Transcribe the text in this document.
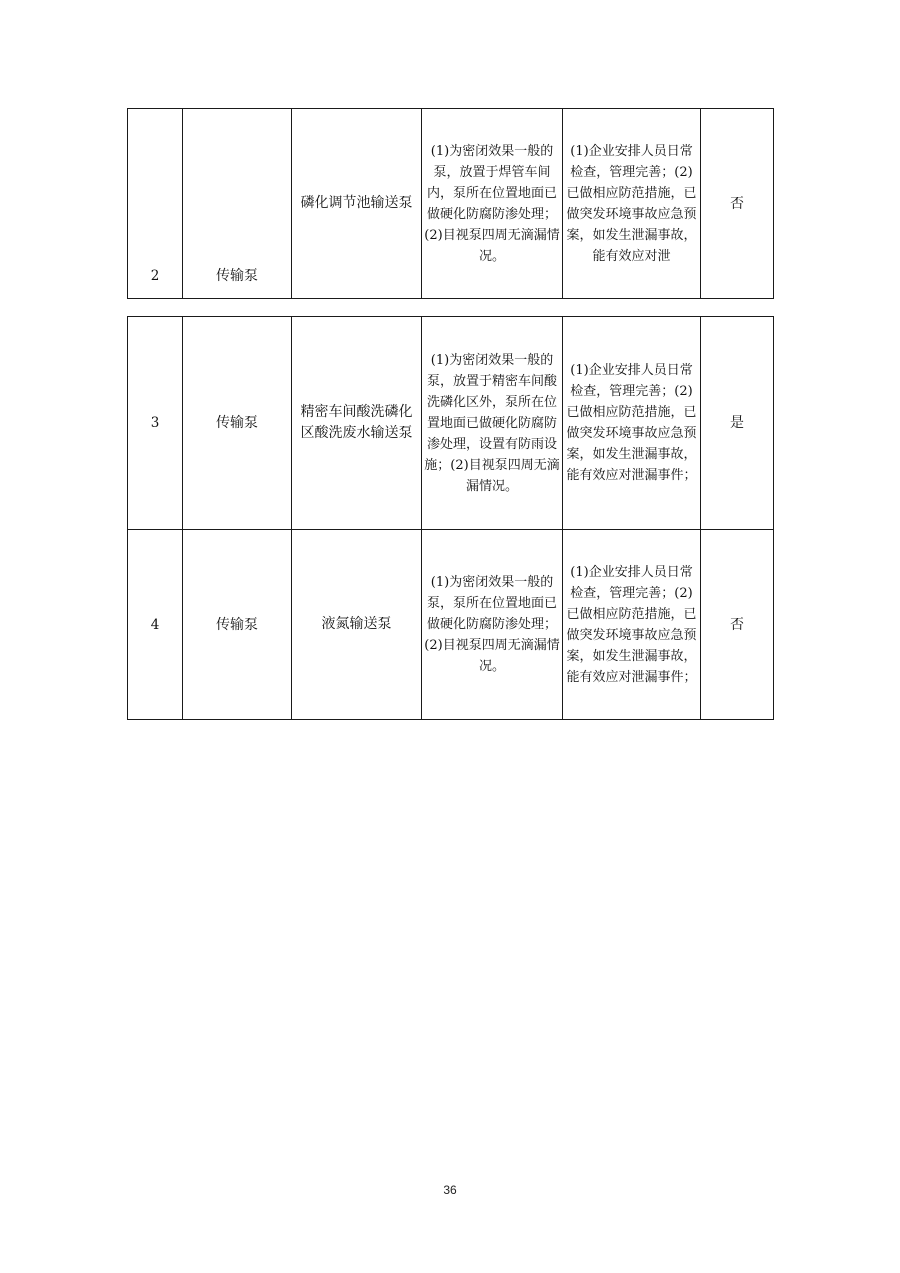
2	传输泵	磷化调节池输送泵	(1)为密闭效果一般的泵，放置于焊管车间内，泵所在位置地面已做硬化防腐防渗处理；(2)目视泵四周无滴漏情况。	(1)企业安排人员日常检查，管理完善；(2)已做相应防范措施，已做突发环境事故应急预案，如发生泄漏事故，能有效应对泄	否
3	传输泵	精密车间酸洗磷化区酸洗废水输送泵	(1)为密闭效果一般的泵，放置于精密车间酸洗磷化区外，泵所在位置地面已做硬化防腐防渗处理，设置有防雨设施；(2)目视泵四周无滴漏情况。	(1)企业安排人员日常检查，管理完善；(2)已做相应防范措施，已做突发环境事故应急预案，如发生泄漏事故，能有效应对泄漏事件；	是
4	传输泵	液氮输送泵	(1)为密闭效果一般的泵，泵所在位置地面已做硬化防腐防渗处理；(2)目视泵四周无滴漏情况。	(1)企业安排人员日常检查，管理完善；(2)已做相应防范措施，已做突发环境事故应急预案，如发生泄漏事故，能有效应对泄漏事件；	否
36
